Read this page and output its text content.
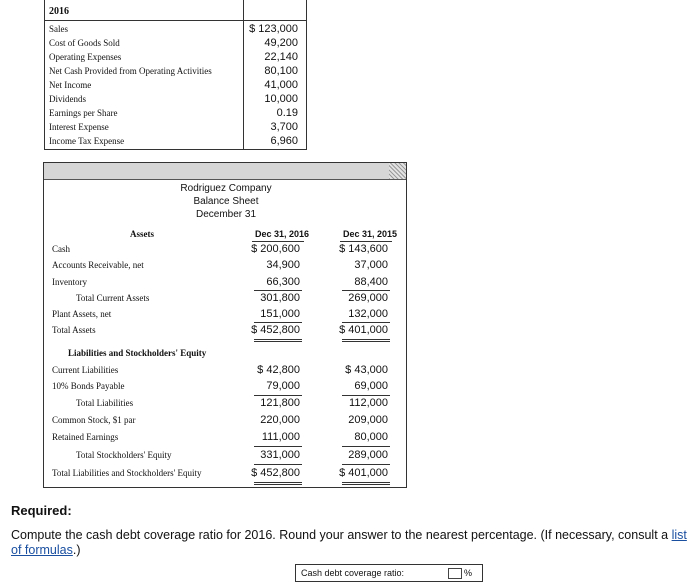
2016
Sales	$ 123,000
Cost of Goods Sold	49,200
Operating Expenses	22,140
Net Cash Provided from Operating Activities	80,100
Net Income	41,000
Dividends	10,000
Earnings per Share	0.19
Interest Expense	3,700
Income Tax Expense	6,960
Rodriguez Company
Balance Sheet
December 31
Assets	Dec 31, 2016	Dec 31, 2015
Cash	$ 200,600	$ 143,600
Accounts Receivable, net	34,900	37,000
Inventory	66,300	88,400
Total Current Assets	301,800	269,000
Plant Assets, net	151,000	132,000
Total Assets	$ 452,800	$ 401,000
Liabilities and Stockholders' Equity
Current Liabilities	$ 42,800	$ 43,000
10% Bonds Payable	79,000	69,000
Total Liabilities	121,800	112,000
Common Stock, $1 par	220,000	209,000
Retained Earnings	111,000	80,000
Total Stockholders' Equity	331,000	289,000
Total Liabilities and Stockholders' Equity	$ 452,800	$ 401,000
Required:
Compute the cash debt coverage ratio for 2016. Round your answer to the nearest percentage. (If necessary, consult a list of formulas.)
Cash debt coverage ratio:	%
